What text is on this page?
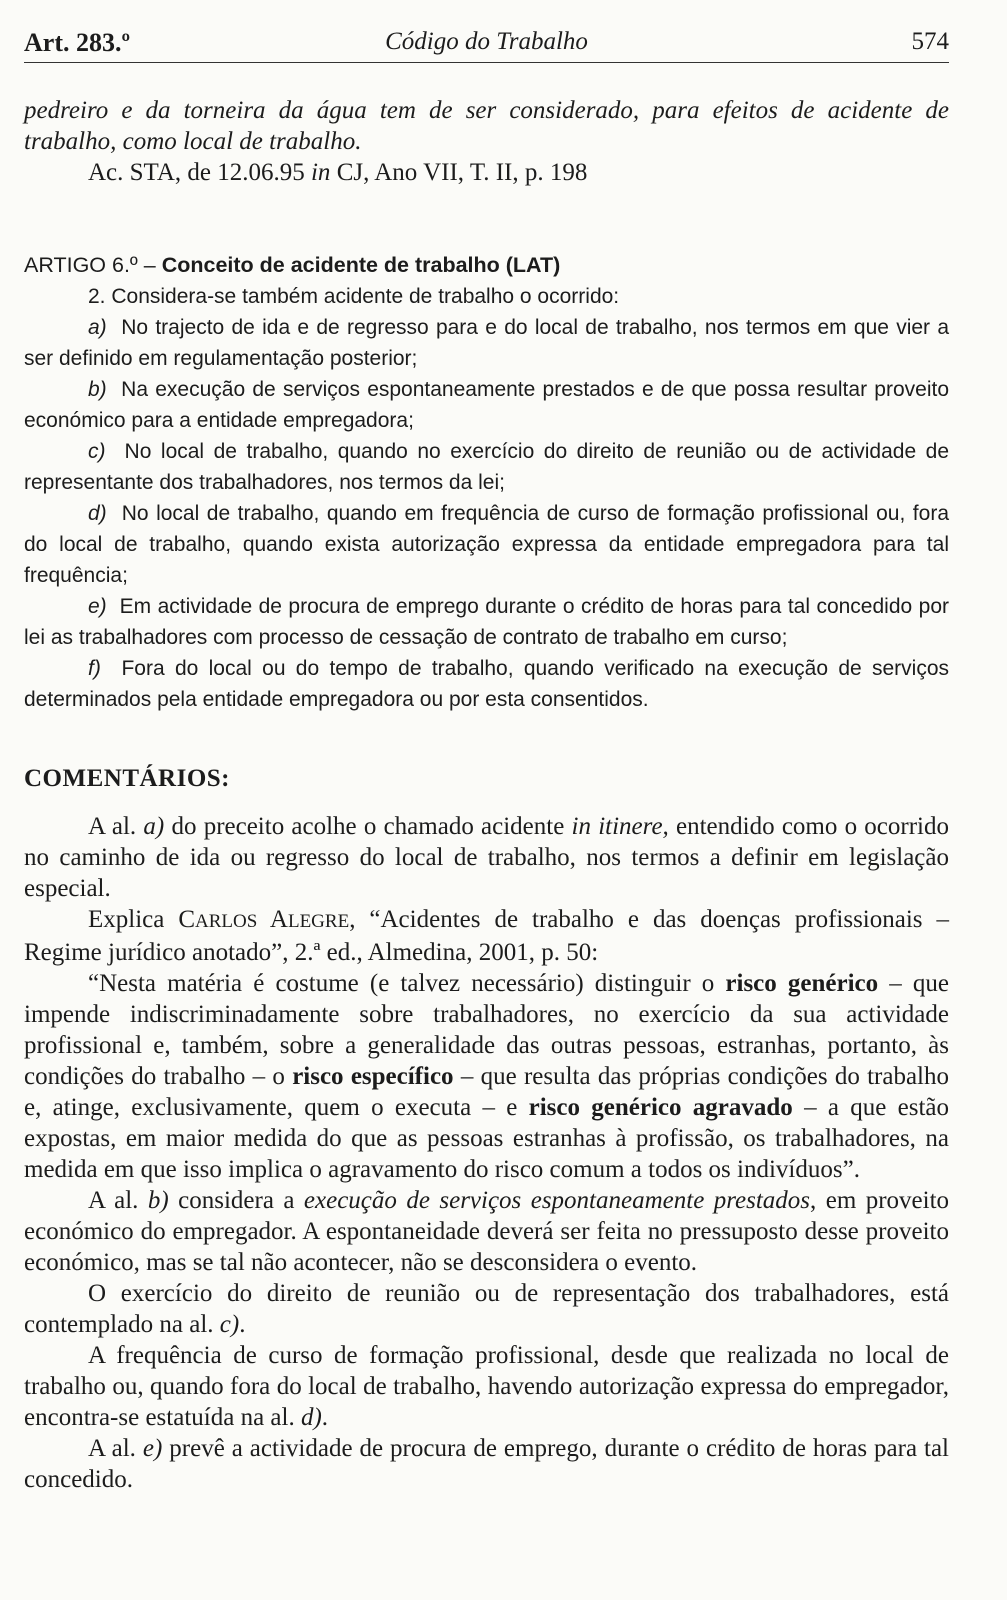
Art. 283.º	Código do Trabalho	574

pedreiro e da torneira da água tem de ser considerado, para efeitos de acidente de trabalho, como local de trabalho.

Ac. STA, de 12.06.95 in CJ, Ano VII, T. II, p. 198

ARTIGO 6.º – Conceito de acidente de trabalho (LAT)

2. Considera-se também acidente de trabalho o ocorrido:

a) No trajecto de ida e de regresso para e do local de trabalho, nos termos em que vier a ser definido em regulamentação posterior;

b) Na execução de serviços espontaneamente prestados e de que possa resultar proveito económico para a entidade empregadora;

c) No local de trabalho, quando no exercício do direito de reunião ou de actividade de representante dos trabalhadores, nos termos da lei;

d) No local de trabalho, quando em frequência de curso de formação profissional ou, fora do local de trabalho, quando exista autorização expressa da entidade empregadora para tal frequência;

e) Em actividade de procura de emprego durante o crédito de horas para tal concedido por lei as trabalhadores com processo de cessação de contrato de trabalho em curso;

f) Fora do local ou do tempo de trabalho, quando verificado na execução de serviços determinados pela entidade empregadora ou por esta consentidos.

COMENTÁRIOS:

A al. a) do preceito acolhe o chamado acidente in itinere, entendido como o ocorrido no caminho de ida ou regresso do local de trabalho, nos termos a definir em legislação especial.

Explica CARLOS ALEGRE, “Acidentes de trabalho e das doenças profissionais – Regime jurídico anotado”, 2.ª ed., Almedina, 2001, p. 50:

“Nesta matéria é costume (e talvez necessário) distinguir o risco genérico – que impende indiscriminadamente sobre trabalhadores, no exercício da sua actividade profissional e, também, sobre a generalidade das outras pessoas, estranhas, portanto, às condições do trabalho – o risco específico – que resulta das próprias condições do trabalho e, atinge, exclusivamente, quem o executa – e risco genérico agravado – a que estão expostas, em maior medida do que as pessoas estranhas à profissão, os trabalhadores, na medida em que isso implica o agravamento do risco comum a todos os indivíduos”.

A al. b) considera a execução de serviços espontaneamente prestados, em proveito económico do empregador. A espontaneidade deverá ser feita no pressuposto desse proveito económico, mas se tal não acontecer, não se desconsidera o evento.

O exercício do direito de reunião ou de representação dos trabalhadores, está contemplado na al. c).

A frequência de curso de formação profissional, desde que realizada no local de trabalho ou, quando fora do local de trabalho, havendo autorização expressa do empregador, encontra-se estatuída na al. d).

A al. e) prevê a actividade de procura de emprego, durante o crédito de horas para tal concedido.
